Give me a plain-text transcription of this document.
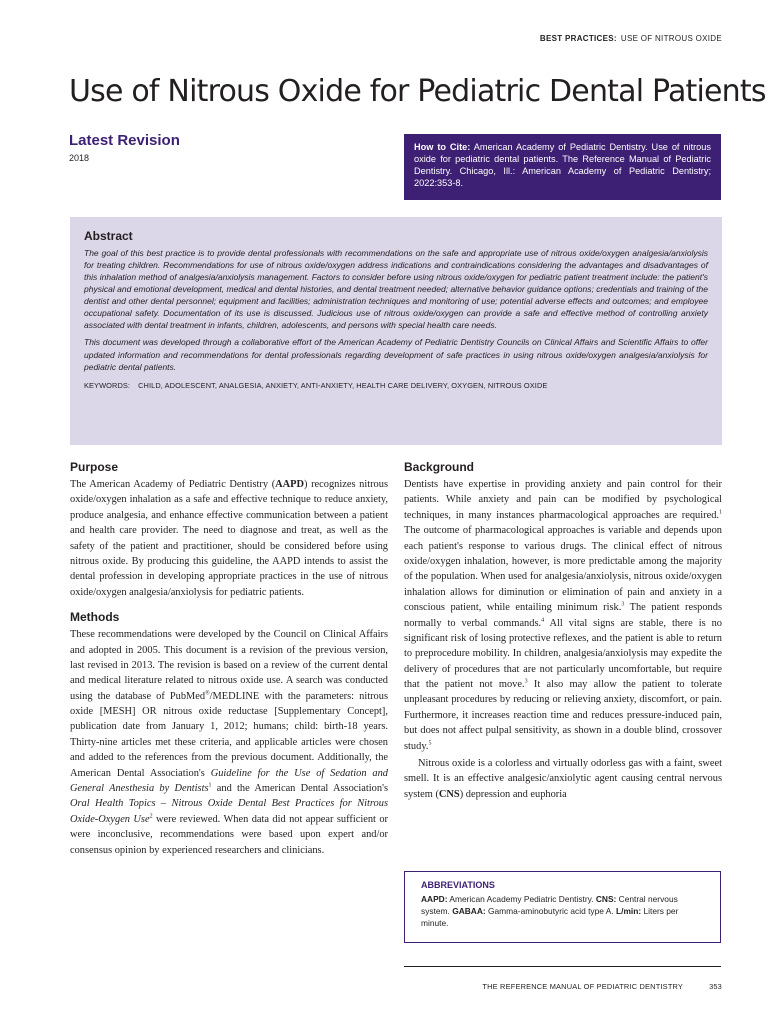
BEST PRACTICES: USE OF NITROUS OXIDE
Use of Nitrous Oxide for Pediatric Dental Patients
Latest Revision
2018
How to Cite: American Academy of Pediatric Dentistry. Use of nitrous oxide for pediatric dental patients. The Reference Manual of Pediatric Dentistry. Chicago, Ill.: American Academy of Pediatric Dentistry; 2022:353-8.
Abstract

The goal of this best practice is to provide dental professionals with recommendations on the safe and appropriate use of nitrous oxide/oxygen analgesia/anxiolysis for treating children. Recommendations for use of nitrous oxide/oxygen address indications and contraindications considering the advantages and disadvantages of this inhalation method of analgesia/anxiolysis management. Factors to consider before using nitrous oxide/oxygen for pediatric patient treatment include: the patient's physical and emotional development, medical and dental histories, and dental treatment needed; alternative behavior guidance options; credentials and training of the dentist and other dental personnel; equipment and facilities; administration techniques and monitoring of use; potential adverse effects and outcomes; and employee occupational safety. Documentation of its use is discussed. Judicious use of nitrous oxide/oxygen can provide a safe and effective method of controlling anxiety associated with dental treatment in infants, children, adolescents, and persons with special health care needs.

This document was developed through a collaborative effort of the American Academy of Pediatric Dentistry Councils on Clinical Affairs and Scientific Affairs to offer updated information and recommendations for dental professionals regarding development of safe practices in using nitrous oxide/oxygen analgesia/anxiolysis for pediatric dental patients.

KEYWORDS: CHILD, ADOLESCENT, ANALGESIA, ANXIETY, ANTI-ANXIETY, HEALTH CARE DELIVERY, OXYGEN, NITROUS OXIDE
Purpose

The American Academy of Pediatric Dentistry (AAPD) recognizes nitrous oxide/oxygen inhalation as a safe and effective technique to reduce anxiety, produce analgesia, and enhance effective communication between a patient and health care provider. The need to diagnose and treat, as well as the safety of the patient and practitioner, should be considered before using nitrous oxide. By producing this guideline, the AAPD intends to assist the dental profession in developing appropriate practices in the use of nitrous oxide/oxygen analgesia/anxiolysis for pediatric patients.

Methods

These recommendations were developed by the Council on Clinical Affairs and adopted in 2005. This document is a revision of the previous version, last revised in 2013. The revision is based on a review of the current dental and medical literature related to nitrous oxide use. A search was conducted using the database of PubMed®/MEDLINE with the parameters: nitrous oxide [MESH] OR nitrous oxide reductase [Supplementary Concept], publication date from January 1, 2012; humans; child: birth-18 years. Thirty-nine articles met these criteria, and applicable articles were chosen and added to the references from the previous document. Additionally, the American Dental Association's Guideline for the Use of Sedation and General Anesthesia by Dentists$^1$ and the American Dental Association's Oral Health Topics – Nitrous Oxide Dental Best Practices for Nitrous Oxide-Oxygen Use$^2$ were reviewed. When data did not appear sufficient or were inconclusive, recommendations were based upon expert and/or consensus opinion by experienced researchers and clinicians.

Background

Dentists have expertise in providing anxiety and pain control for their patients. While anxiety and pain can be modified by psychological techniques, in many instances pharmacological approaches are required.$^1$ The outcome of pharmacological approaches is variable and depends upon each patient's response to various drugs. The clinical effect of nitrous oxide/oxygen inhalation, however, is more predictable among the majority of the population. When used for analgesia/anxiolysis, nitrous oxide/oxygen inhalation allows for diminution or elimination of pain and anxiety in a conscious patient, while entailing minimum risk.$^3$ The patient responds normally to verbal commands.$^4$ All vital signs are stable, there is no significant risk of losing protective reflexes, and the patient is able to return to preprocedure mobility. In children, analgesia/anxiolysis may expedite the delivery of procedures that are not particularly uncomfortable, but require that the patient not move.$^3$ It also may allow the patient to tolerate unpleasant procedures by reducing or relieving anxiety, discomfort, or pain. Furthermore, it increases reaction time and reduces pressure-induced pain, but does not affect pulpal sensitivity, as shown in a double blind, crossover study.$^5$

Nitrous oxide is a colorless and virtually odorless gas with a faint, sweet smell. It is an effective analgesic/anxiolytic agent causing central nervous system (CNS) depression and euphoria

ABBREVIATIONS
AAPD: American Academy Pediatric Dentistry. CNS: Central nervous system. GABAA: Gamma-aminobutyric acid type A. L/min: Liters per minute.
THE REFERENCE MANUAL OF PEDIATRIC DENTISTRY	353
